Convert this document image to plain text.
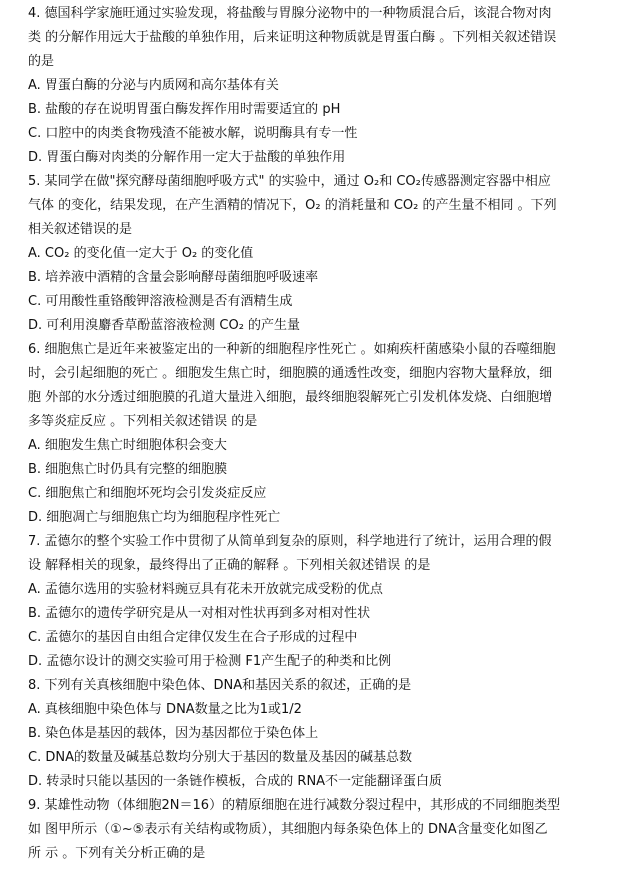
4. 德国科学家施旺通过实验发现，将盐酸与胃腺分泌物中的一种物质混合后，该混合物对肉
类 的分解作用远大于盐酸的单独作用，后来证明这种物质就是胃蛋白酶 。下列相关叙述错误
的是
A. 胃蛋白酶的分泌与内质网和高尔基体有关
B. 盐酸的存在说明胃蛋白酶发挥作用时需要适宜的 pH
C. 口腔中的肉类食物残渣不能被水解，说明酶具有专一性
D. 胃蛋白酶对肉类的分解作用一定大于盐酸的单独作用
5. 某同学在做"探究酵母菌细胞呼吸方式" 的实验中，通过 O₂和 CO₂传感器测定容器中相应
气体 的变化，结果发现，在产生酒精的情况下，O₂ 的消耗量和 CO₂ 的产生量不相同 。下列
相关叙述错误的是
A. CO₂ 的变化值一定大于 O₂ 的变化值
B. 培养液中酒精的含量会影响酵母菌细胞呼吸速率
C. 可用酸性重铬酸钾溶液检测是否有酒精生成
D. 可利用溴麝香草酚蓝溶液检测 CO₂ 的产生量
6. 细胞焦亡是近年来被鉴定出的一种新的细胞程序性死亡 。如痢疾杆菌感染小鼠的吞噬细胞
时，会引起细胞的死亡 。细胞发生焦亡时，细胞膜的通透性改变，细胞内容物大量释放，细
胞 外部的水分透过细胞膜的孔道大量进入细胞，最终细胞裂解死亡引发机体发烧、白细胞增
多等炎症反应 。下列相关叙述错误 的是
A. 细胞发生焦亡时细胞体积会变大
B. 细胞焦亡时仍具有完整的细胞膜
C. 细胞焦亡和细胞坏死均会引发炎症反应
D. 细胞凋亡与细胞焦亡均为细胞程序性死亡
7. 孟德尔的整个实验工作中贯彻了从简单到复杂的原则，科学地进行了统计，运用合理的假
设 解释相关的现象，最终得出了正确的解释 。下列相关叙述错误 的是
A. 孟德尔选用的实验材料豌豆具有花未开放就完成受粉的优点
B. 孟德尔的遗传学研究是从一对相对性状再到多对相对性状
C. 孟德尔的基因自由组合定律仅发生在合子形成的过程中
D. 孟德尔设计的测交实验可用于检测 F1产生配子的种类和比例
8. 下列有关真核细胞中染色体、DNA和基因关系的叙述，正确的是
A. 真核细胞中染色体与 DNA数量之比为1或1/2
B. 染色体是基因的载体，因为基因都位于染色体上
C. DNA的数量及碱基总数均分别大于基因的数量及基因的碱基总数
D. 转录时只能以基因的一条链作模板，合成的 RNA不一定能翻译蛋白质
9. 某雄性动物（体细胞2N＝16）的精原细胞在进行减数分裂过程中，其形成的不同细胞类型
如 图甲所示（①~⑤表示有关结构或物质），其细胞内每条染色体上的 DNA含量变化如图乙
所 示 。下列有关分析正确的是
